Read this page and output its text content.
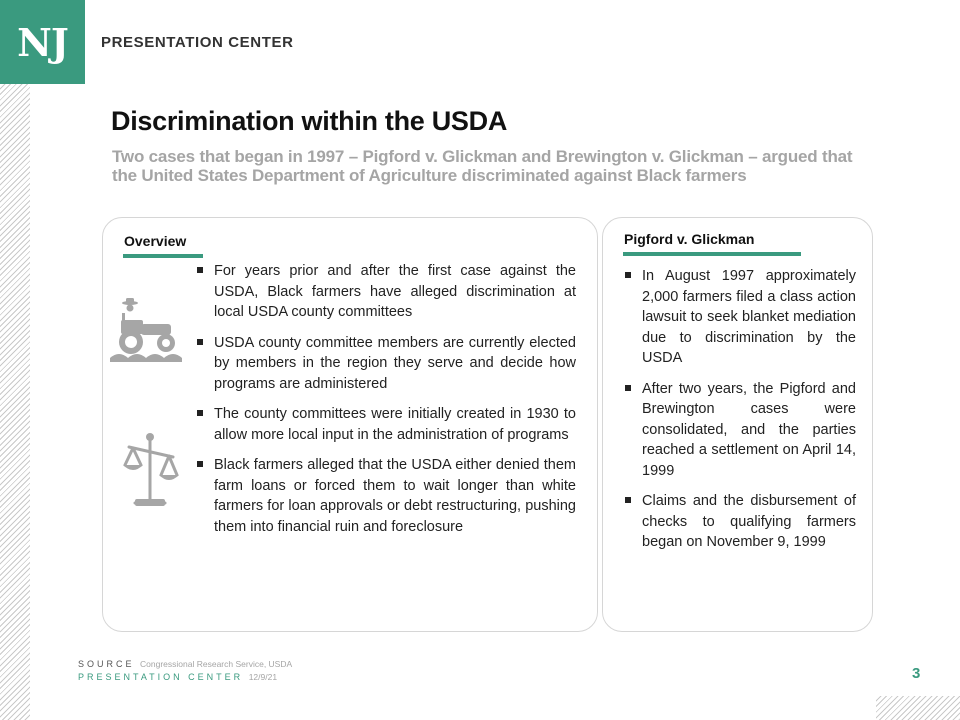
NJ PRESENTATION CENTER
Discrimination within the USDA
Two cases that began in 1997 – Pigford v. Glickman and Brewington v. Glickman – argued that the United States Department of Agriculture discriminated against Black farmers
Overview
For years prior and after the first case against the USDA, Black farmers have alleged discrimination at local USDA county committees
USDA county committee members are currently elected by members in the region they serve and decide how programs are administered
The county committees were initially created in 1930 to allow more local input in the administration of programs
Black farmers alleged that the USDA either denied them farm loans or forced them to wait longer than white farmers for loan approvals or debt restructuring, pushing them into financial ruin and foreclosure
Pigford v. Glickman
In August 1997 approximately 2,000 farmers filed a class action lawsuit to seek blanket mediation due to discrimination by the USDA
After two years, the Pigford and Brewington cases were consolidated, and the parties reached a settlement on April 14, 1999
Claims and the disbursement of checks to qualifying farmers began on November 9, 1999
SOURCE Congressional Research Service, USDA
PRESENTATION CENTER 12/9/21	3
